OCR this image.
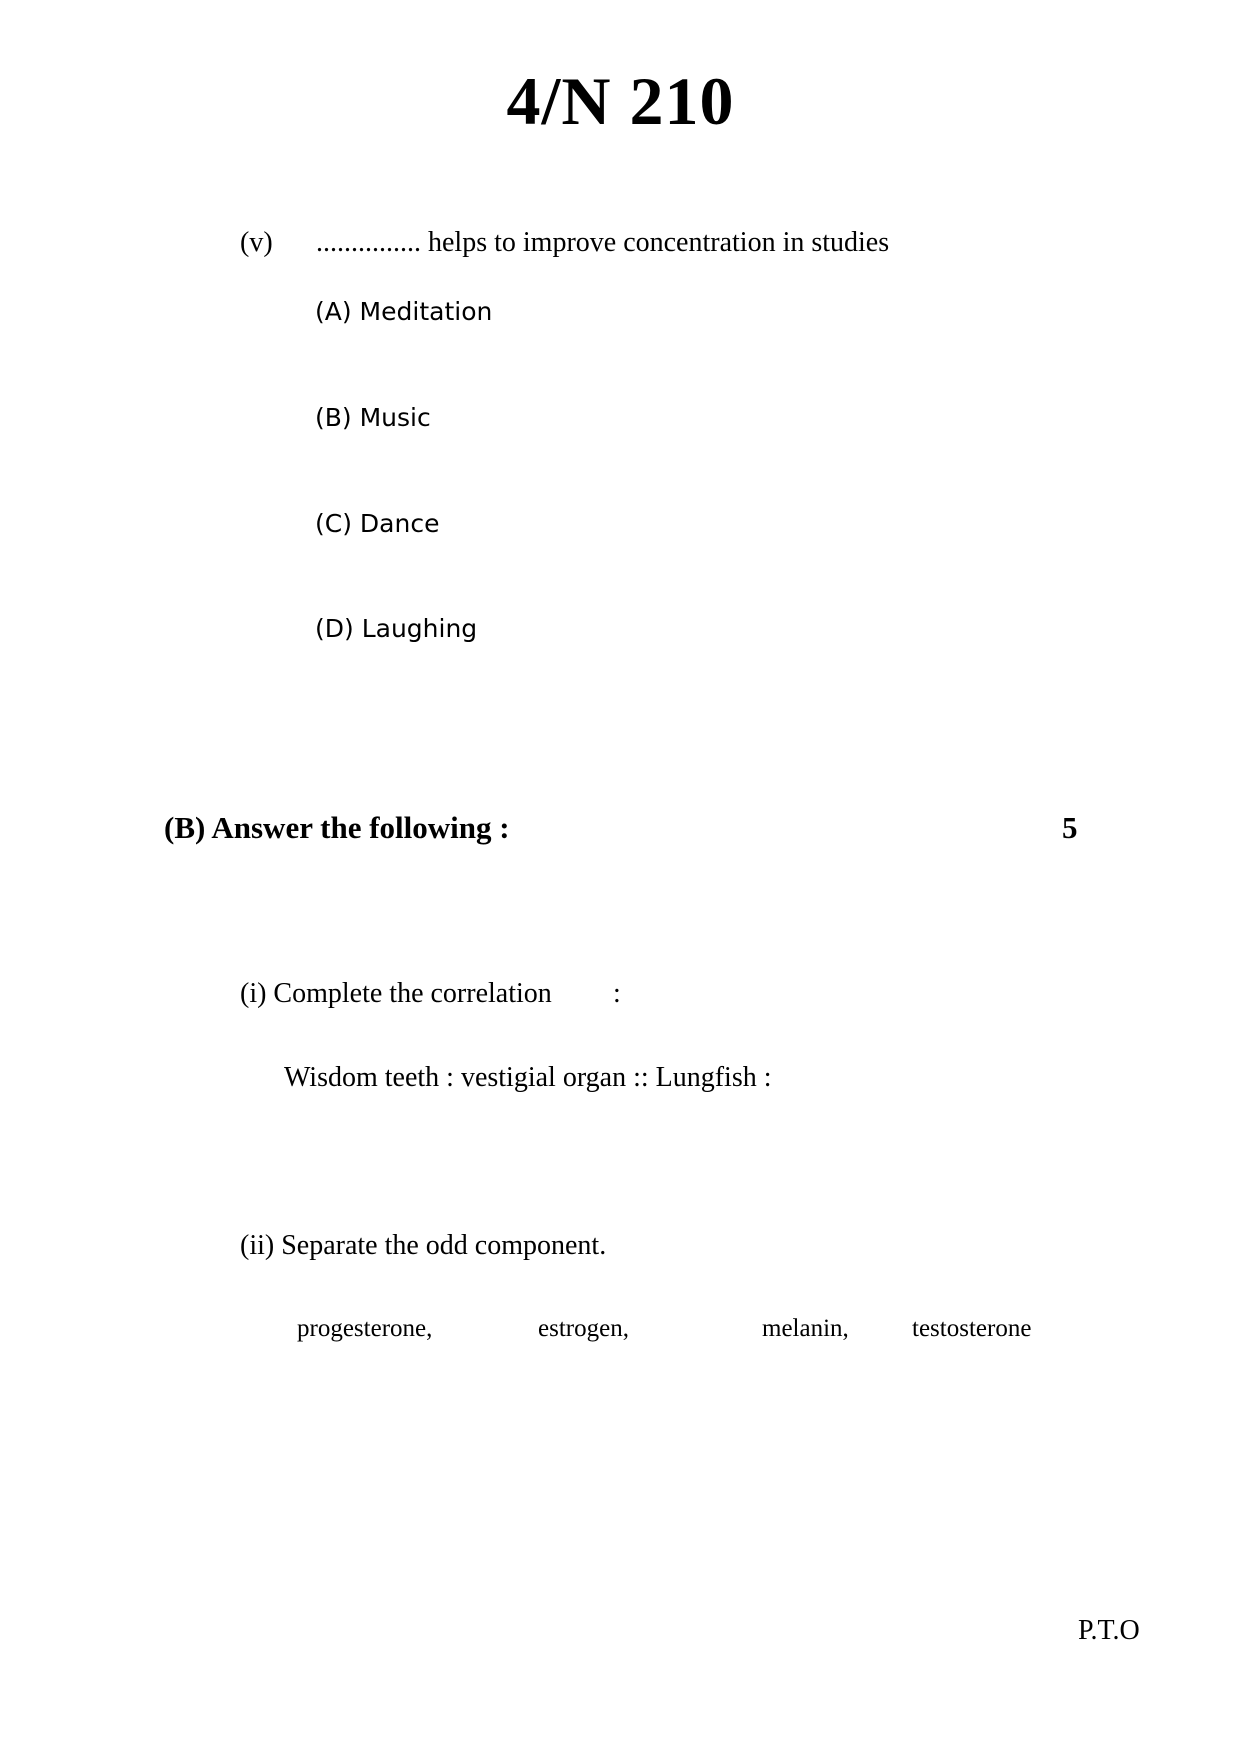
4/N 210
(v) ............... helps to improve concentration in studies
(A) Meditation
(B) Music
(C) Dance
(D) Laughing
(B) Answer the following :	5
(i) Complete the correlation :
Wisdom teeth : vestigial organ :: Lungfish :
(ii) Separate the odd component.
progesterone,	estrogen,	melanin,	testosterone
P.T.O
